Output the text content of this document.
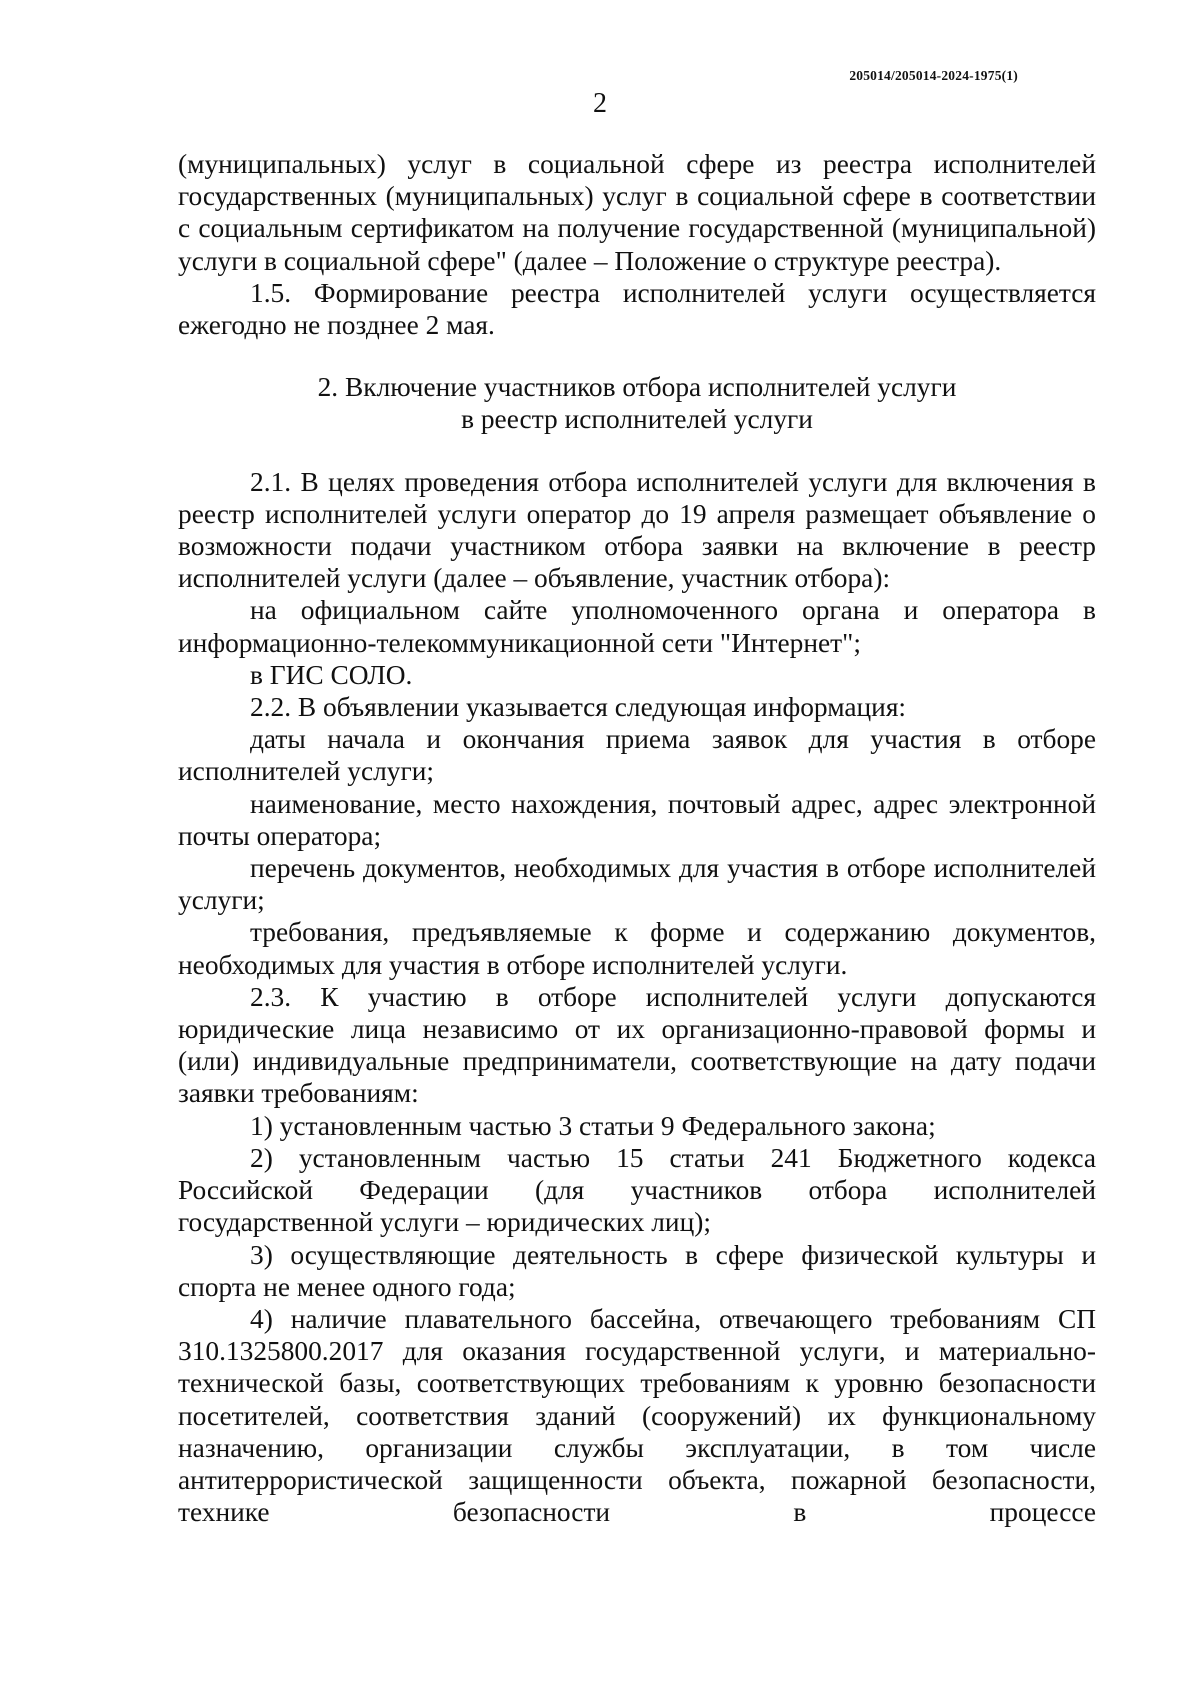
205014/205014-2024-1975(1)
2

(муниципальных) услуг в социальной сфере из реестра исполнителей государственных (муниципальных) услуг в социальной сфере в соответствии с социальным сертификатом на получение государственной (муниципальной) услуги в социальной сфере" (далее – Положение о структуре реестра).

1.5. Формирование реестра исполнителей услуги осуществляется ежегодно не позднее 2 мая.

2. Включение участников отбора исполнителей услуги
в реестр исполнителей услуги

2.1. В целях проведения отбора исполнителей услуги для включения в реестр исполнителей услуги оператор до 19 апреля размещает объявление о возможности подачи участником отбора заявки на включение в реестр исполнителей услуги (далее – объявление, участник отбора):

на официальном сайте уполномоченного органа и оператора в информационно-телекоммуникационной сети "Интернет";

в ГИС СОЛО.

2.2. В объявлении указывается следующая информация:

даты начала и окончания приема заявок для участия в отборе исполнителей услуги;

наименование, место нахождения, почтовый адрес, адрес электронной почты оператора;

перечень документов, необходимых для участия в отборе исполнителей услуги;

требования, предъявляемые к форме и содержанию документов, необходимых для участия в отборе исполнителей услуги.

2.3. К участию в отборе исполнителей услуги допускаются юридические лица независимо от их организационно-правовой формы и (или) индивидуальные предприниматели, соответствующие на дату подачи заявки требованиям:

1) установленным частью 3 статьи 9 Федерального закона;

2) установленным частью 15 статьи 241 Бюджетного кодекса Российской Федерации (для участников отбора исполнителей государственной услуги – юридических лиц);

3) осуществляющие деятельность в сфере физической культуры и спорта не менее одного года;

4) наличие плавательного бассейна, отвечающего требованиям СП 310.1325800.2017 для оказания государственной услуги, и материально-технической базы, соответствующих требованиям к уровню безопасности посетителей, соответствия зданий (сооружений) их функциональному назначению, организации службы эксплуатации, в том числе антитеррористической защищенности объекта, пожарной безопасности, технике безопасности в процессе
